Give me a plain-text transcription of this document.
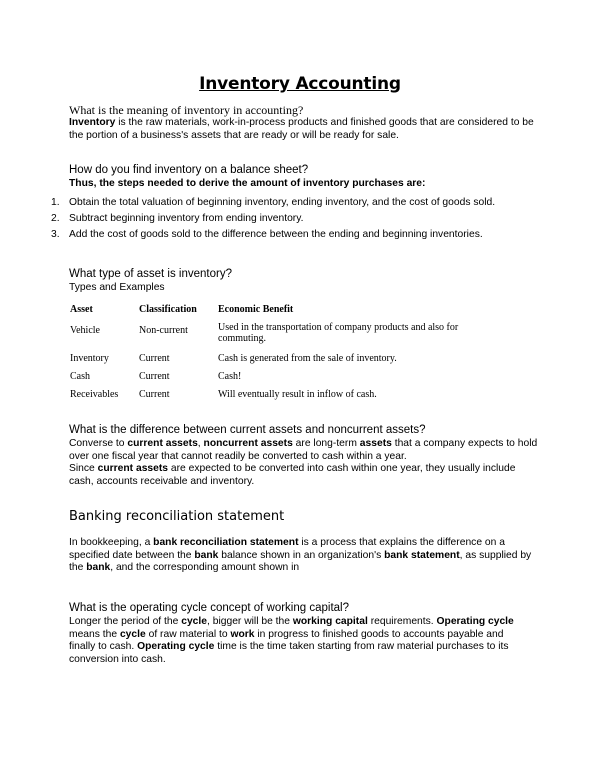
Inventory Accounting
What is the meaning of inventory in accounting?
Inventory is the raw materials, work-in-process products and finished goods that are considered to be the portion of a business's assets that are ready or will be ready for sale.
How do you find inventory on a balance sheet?
Thus, the steps needed to derive the amount of inventory purchases are:
1. Obtain the total valuation of beginning inventory, ending inventory, and the cost of goods sold.
2. Subtract beginning inventory from ending inventory.
3. Add the cost of goods sold to the difference between the ending and beginning inventories.
What type of asset is inventory?
Types and Examples
Asset	Classification	Economic Benefit
Vehicle	Non-current	Used in the transportation of company products and also for commuting.
Inventory	Current	Cash is generated from the sale of inventory.
Cash	Current	Cash!
Receivables	Current	Will eventually result in inflow of cash.
What is the difference between current assets and noncurrent assets?
Converse to current assets, noncurrent assets are long-term assets that a company expects to hold over one fiscal year that cannot readily be converted to cash within a year.
Since current assets are expected to be converted into cash within one year, they usually include cash, accounts receivable and inventory.
Banking reconciliation statement
In bookkeeping, a bank reconciliation statement is a process that explains the difference on a specified date between the bank balance shown in an organization's bank statement, as supplied by the bank, and the corresponding amount shown in
What is the operating cycle concept of working capital?
Longer the period of the cycle, bigger will be the working capital requirements. Operating cycle means the cycle of raw material to work in progress to finished goods to accounts payable and finally to cash. Operating cycle time is the time taken starting from raw material purchases to its conversion into cash.
